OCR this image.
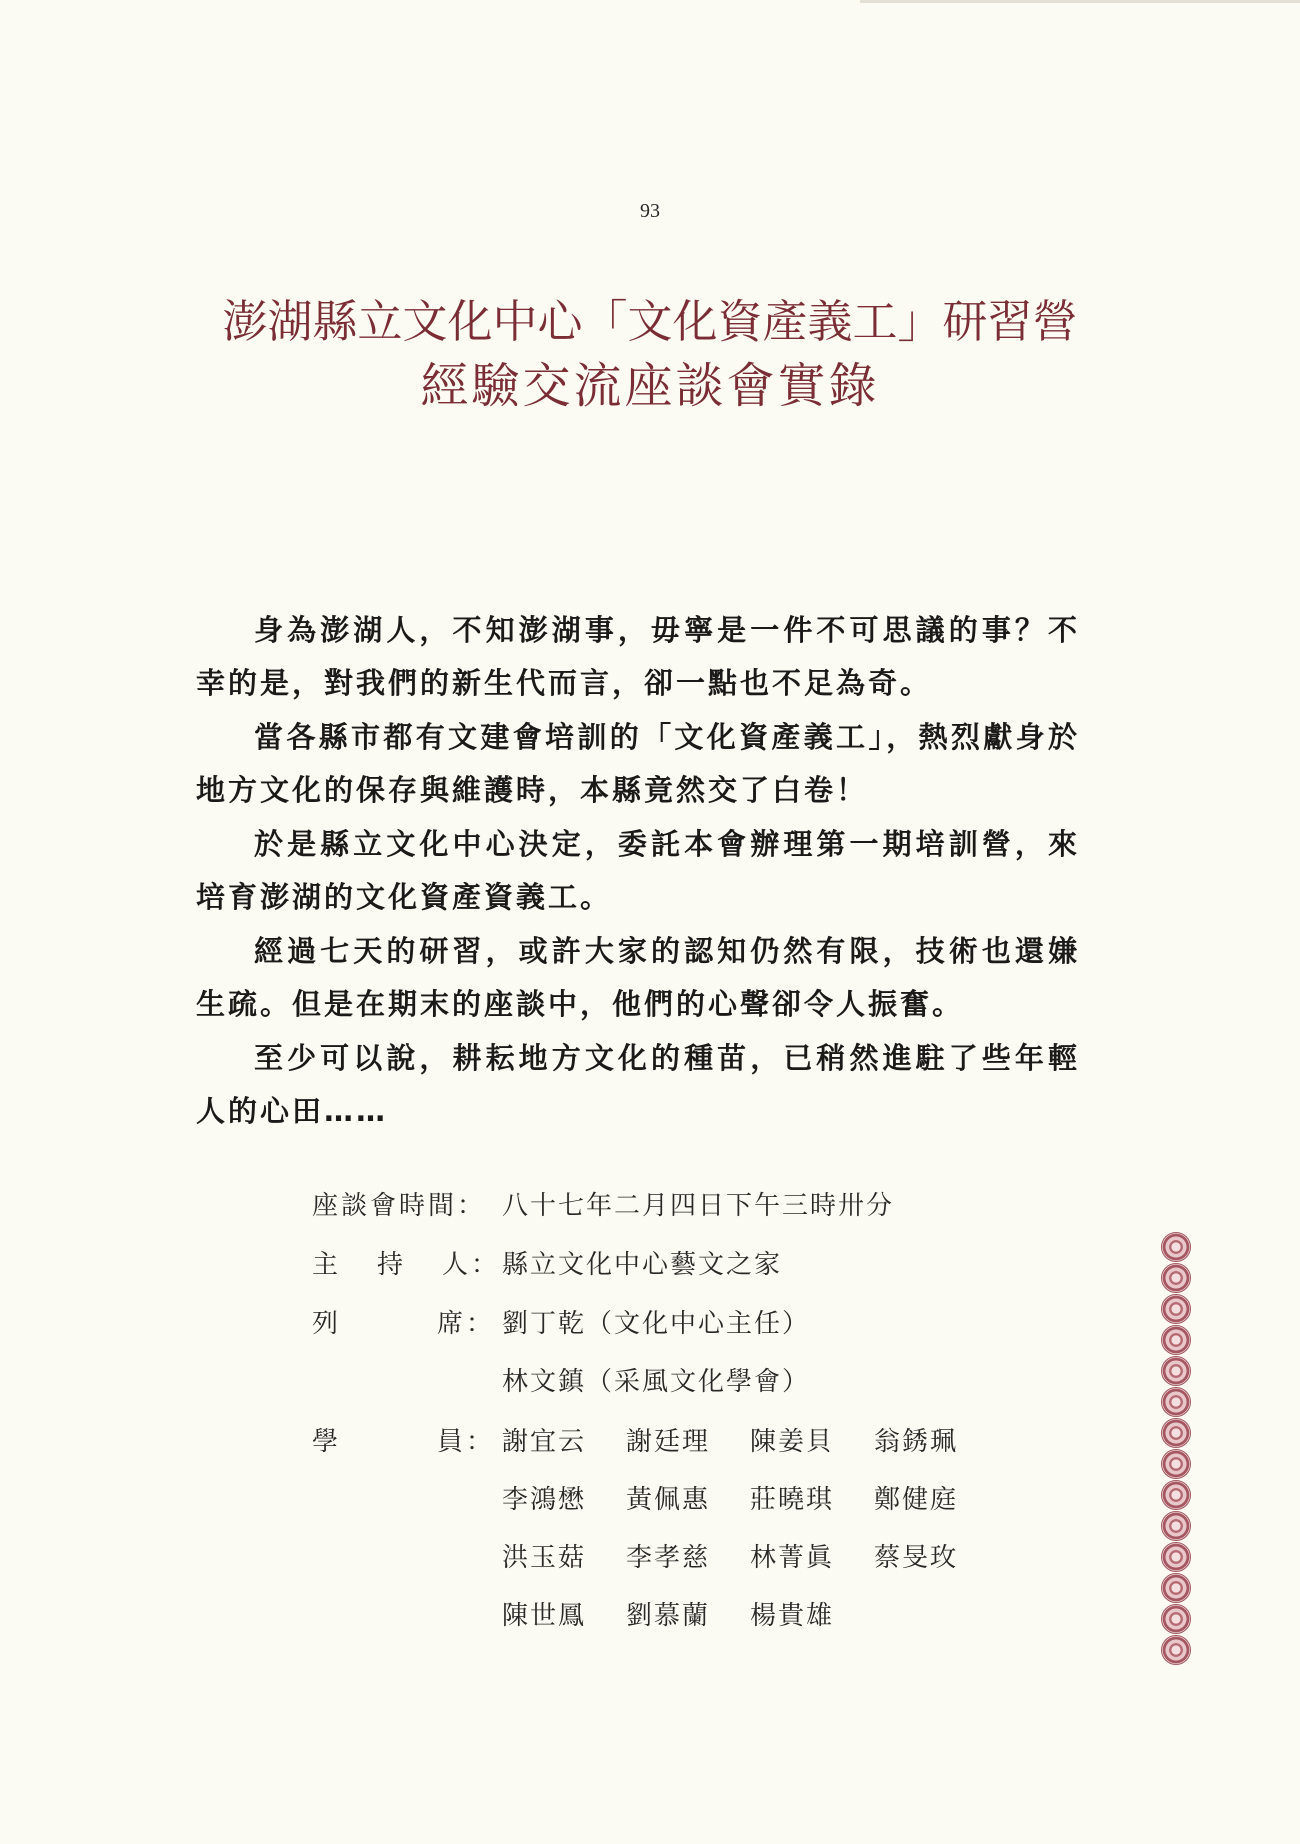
93
澎湖縣立文化中心「文化資產義工」研習營
經驗交流座談會實錄

身為澎湖人，不知澎湖事，毋寧是一件不可思議的事？不幸的是，對我們的新生代而言，卻一點也不足為奇。

當各縣市都有文建會培訓的「文化資產義工」，熱烈獻身於地方文化的保存與維護時，本縣竟然交了白卷！

於是縣立文化中心決定，委託本會辦理第一期培訓營，來培育澎湖的文化資產資義工。

經過七天的研習，或許大家的認知仍然有限，技術也還嫌生疏。但是在期末的座談中，他們的心聲卻令人振奮。

至少可以說，耕耘地方文化的種苗，已稍然進駐了些年輕人的心田……

座談會時間： 八十七年二月四日下午三時卅分
主 持 人： 縣立文化中心藝文之家
列	席： 劉丁乾（文化中心主任）
林文鎮（采風文化學會）
學	員： 謝宜云	謝廷理	陳姜貝	翁銹珮
李鴻懋	黃佩惠	莊曉琪	鄭健庭
洪玉菇	李孝慈	林菁眞	蔡旻玫
陳世鳳	劉慕蘭	楊貴雄
